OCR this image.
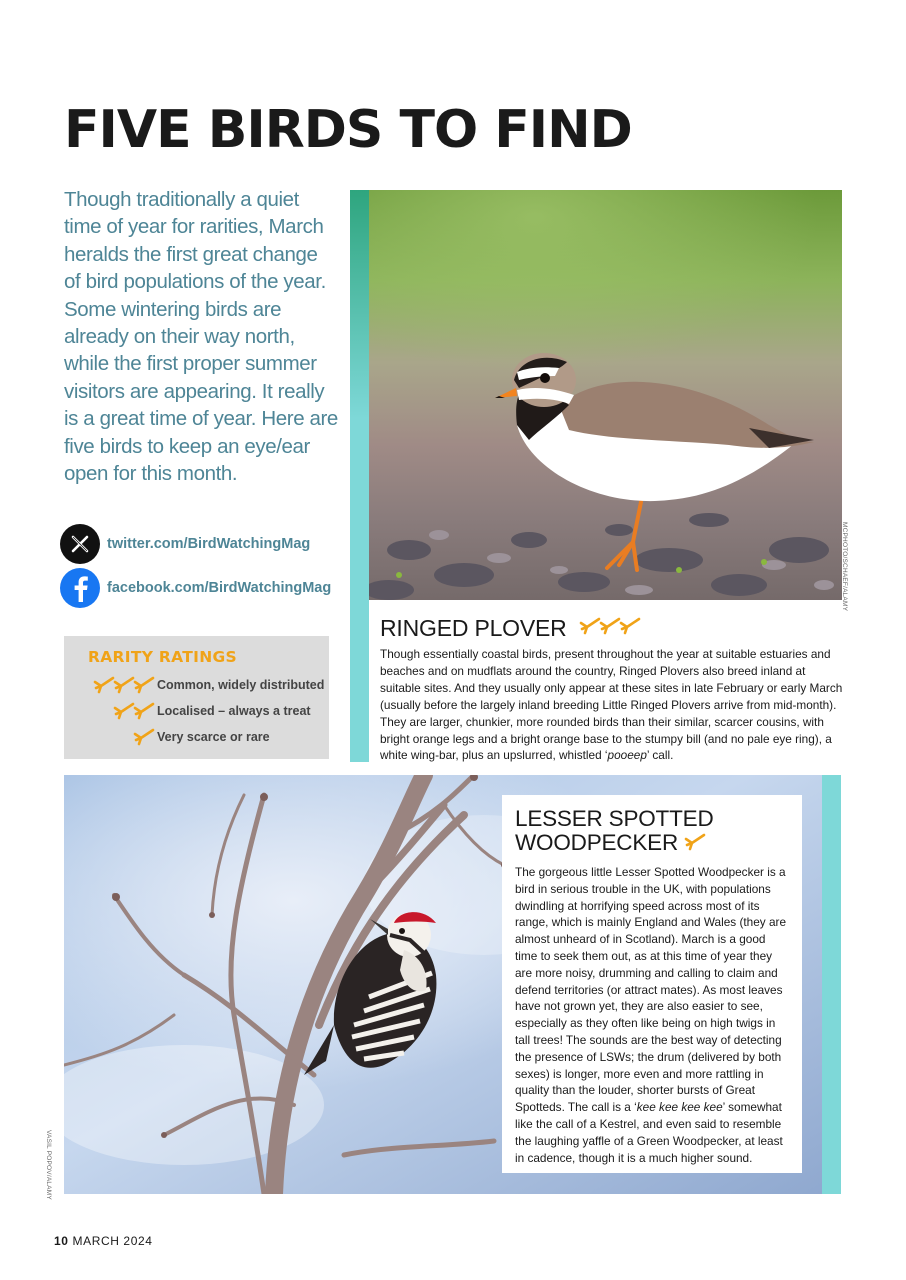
FIVE BIRDS TO FIND

Though traditionally a quiet time of year for rarities, March heralds the first great change of bird populations of the year. Some wintering birds are already on their way north, while the first proper summer visitors are appearing. It really is a great time of year. Here are five birds to keep an eye/ear open for this month.

twitter.com/BirdWatchingMag
facebook.com/BirdWatchingMag
RARITY RATINGS
Common, widely distributed
Localised – always a treat
Very scarce or rare
MCPHOTO/SCHAEF/ALAMY
RINGED PLOVER

Though essentially coastal birds, present throughout the year at suitable estuaries and beaches and on mudflats around the country, Ringed Plovers also breed inland at suitable sites. And they usually only appear at these sites in late February or early March (usually before the largely inland breeding Little Ringed Plovers arrive from mid-month). They are larger, chunkier, more rounded birds than their similar, scarcer cousins, with bright orange legs and a bright orange base to the stumpy bill (and no pale eye ring), a white wing-bar, plus an upslurred, whistled ‘pooeep’ call.

VASIL POPOV/ALAMY
LESSER SPOTTED
WOODPECKER

The gorgeous little Lesser Spotted Woodpecker is a bird in serious trouble in the UK, with populations dwindling at horrifying speed across most of its range, which is mainly England and Wales (they are almost unheard of in Scotland). March is a good time to seek them out, as at this time of year they are more noisy, drumming and calling to claim and defend territories (or attract mates). As most leaves have not grown yet, they are also easier to see, especially as they often like being on high twigs in tall trees! The sounds are the best way of detecting the presence of LSWs; the drum (delivered by both sexes) is longer, more even and more rattling in quality than the louder, shorter bursts of Great Spotteds. The call is a ‘kee kee kee kee’ somewhat like the call of a Kestrel, and even said to resemble the laughing yaffle of a Green Woodpecker, at least in cadence, though it is a much higher sound.

10 MARCH 2024
